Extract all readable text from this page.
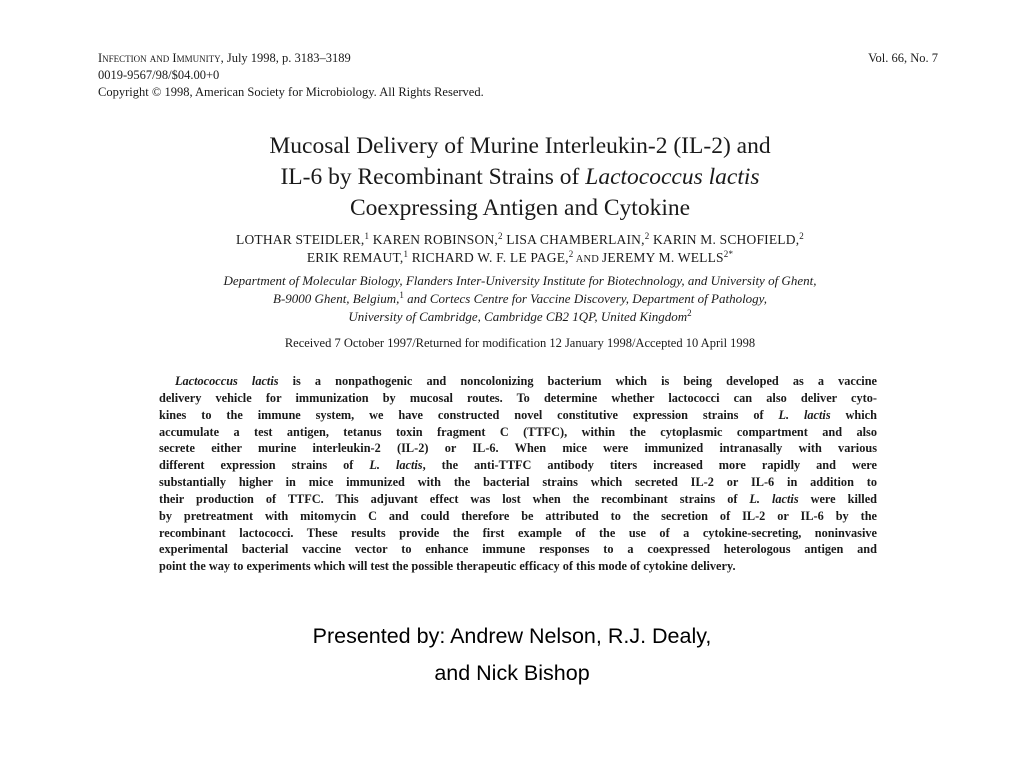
Infection and Immunity, July 1998, p. 3183–3189	Vol. 66, No. 7
0019-9567/98/$04.00+0
Copyright © 1998, American Society for Microbiology. All Rights Reserved.
Mucosal Delivery of Murine Interleukin-2 (IL-2) and
IL-6 by Recombinant Strains of Lactococcus lactis
Coexpressing Antigen and Cytokine
LOTHAR STEIDLER,$^1$ KAREN ROBINSON,$^2$ LISA CHAMBERLAIN,$^2$ KARIN M. SCHOFIELD,$^2$
ERIK REMAUT,$^1$ RICHARD W. F. LE PAGE,$^2$ AND JEREMY M. $WELLS^{2*}$
Department of Molecular Biology, Flanders Inter-University Institute for Biotechnology, and University of Ghent,
B-9000 Ghent, Belgium,$^1$ and Cortecs Centre for Vaccine Discovery, Department of Pathology,
University of Cambridge, Cambridge CB2 1QP, United Kingdom$^2$
Received 7 October 1997/Returned for modification 12 January 1998/Accepted 10 April 1998
Lactococcus lactis is a nonpathogenic and noncolonizing bacterium which is being developed as a vaccine
delivery vehicle for immunization by mucosal routes. To determine whether lactococci can also deliver cyto-
kines to the immune system, we have constructed novel constitutive expression strains of L. lactis which
accumulate a test antigen, tetanus toxin fragment C (TTFC), within the cytoplasmic compartment and also
secrete either murine interleukin-2 (IL-2) or IL-6. When mice were immunized intranasally with various
different expression strains of L. lactis, the anti-TTFC antibody titers increased more rapidly and were
substantially higher in mice immunized with the bacterial strains which secreted IL-2 or IL-6 in addition to
their production of TTFC. This adjuvant effect was lost when the recombinant strains of L. lactis were killed
by pretreatment with mitomycin C and could therefore be attributed to the secretion of IL-2 or IL-6 by the
recombinant lactococci. These results provide the first example of the use of a cytokine-secreting, noninvasive
experimental bacterial vaccine vector to enhance immune responses to a coexpressed heterologous antigen and
point the way to experiments which will test the possible therapeutic efficacy of this mode of cytokine delivery.
Presented by: Andrew Nelson, R.J. Dealy,
and Nick Bishop
